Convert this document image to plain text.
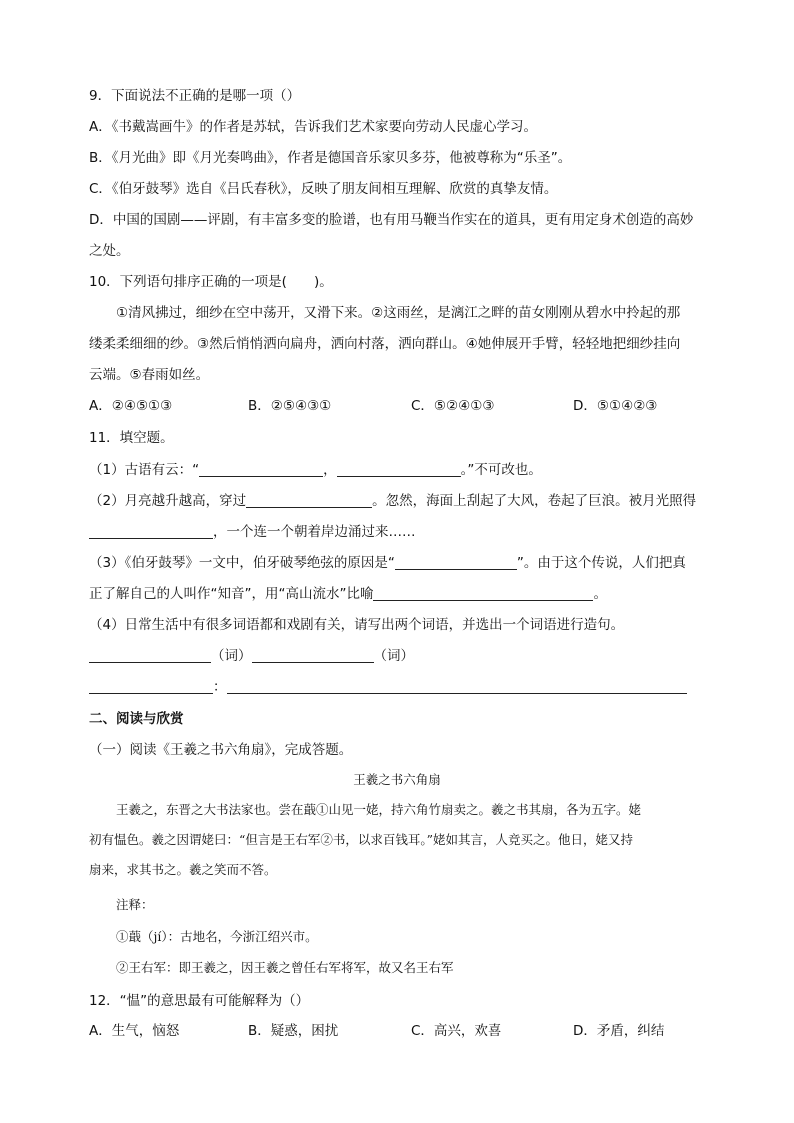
9．下面说法不正确的是哪一项（）
A．《书戴嵩画牛》的作者是苏轼，告诉我们艺术家要向劳动人民虚心学习。
B．《月光曲》即《月光奏鸣曲》，作者是德国音乐家贝多芬，他被尊称为“乐圣”。
C．《伯牙鼓琴》选自《吕氏春秋》，反映了朋友间相互理解、欣赏的真挚友情。
D．中国的国剧——评剧，有丰富多变的脸谱，也有用马鞭当作实在的道具，更有用定身术创造的高妙
之处。
10．下列语句排序正确的一项是(　　)。
①清风拂过，细纱在空中荡开，又滑下来。②这雨丝，是漓江之畔的苗女刚刚从碧水中拎起的那
缕柔柔细细的纱。③然后悄悄洒向扁舟，洒向村落，洒向群山。④她伸展开手臂，轻轻地把细纱挂向
云端。⑤春雨如丝。
A．②④⑤①③	B．②⑤④③①	C．⑤②④①③	D．⑤①④②③
11．填空题。
（1）古语有云：“	，	。”不可改也。
（2）月亮越升越高，穿过	。忽然，海面上刮起了大风，卷起了巨浪。被月光照得
，一个连一个朝着岸边涌过来……
（3）《伯牙鼓琴》一文中，伯牙破琴绝弦的原因是“	”。由于这个传说，人们把真
正了解自己的人叫作“知音”，用“高山流水”比喻	。
（4）日常生活中有很多词语都和戏剧有关，请写出两个词语，并选出一个词语进行造句。
（词）	（词）
：
二、阅读与欣赏
（一）阅读《王羲之书六角扇》，完成答题。
王羲之书六角扇
王羲之，东晋之大书法家也。尝在蕺①山见一姥，持六角竹扇卖之。羲之书其扇，各为五字。姥
初有愠色。羲之因谓姥曰：“但言是王右军②书，以求百钱耳。”姥如其言，人竞买之。他日，姥又持
扇来，求其书之。羲之笑而不答。
注释：
①蕺（jí）：古地名，今浙江绍兴市。
②王右军：即王羲之，因王羲之曾任右军将军，故又名王右军
12．“愠”的意思最有可能解释为（）
A．生气，恼怒	B．疑惑，困扰	C．高兴，欢喜	D．矛盾，纠结
